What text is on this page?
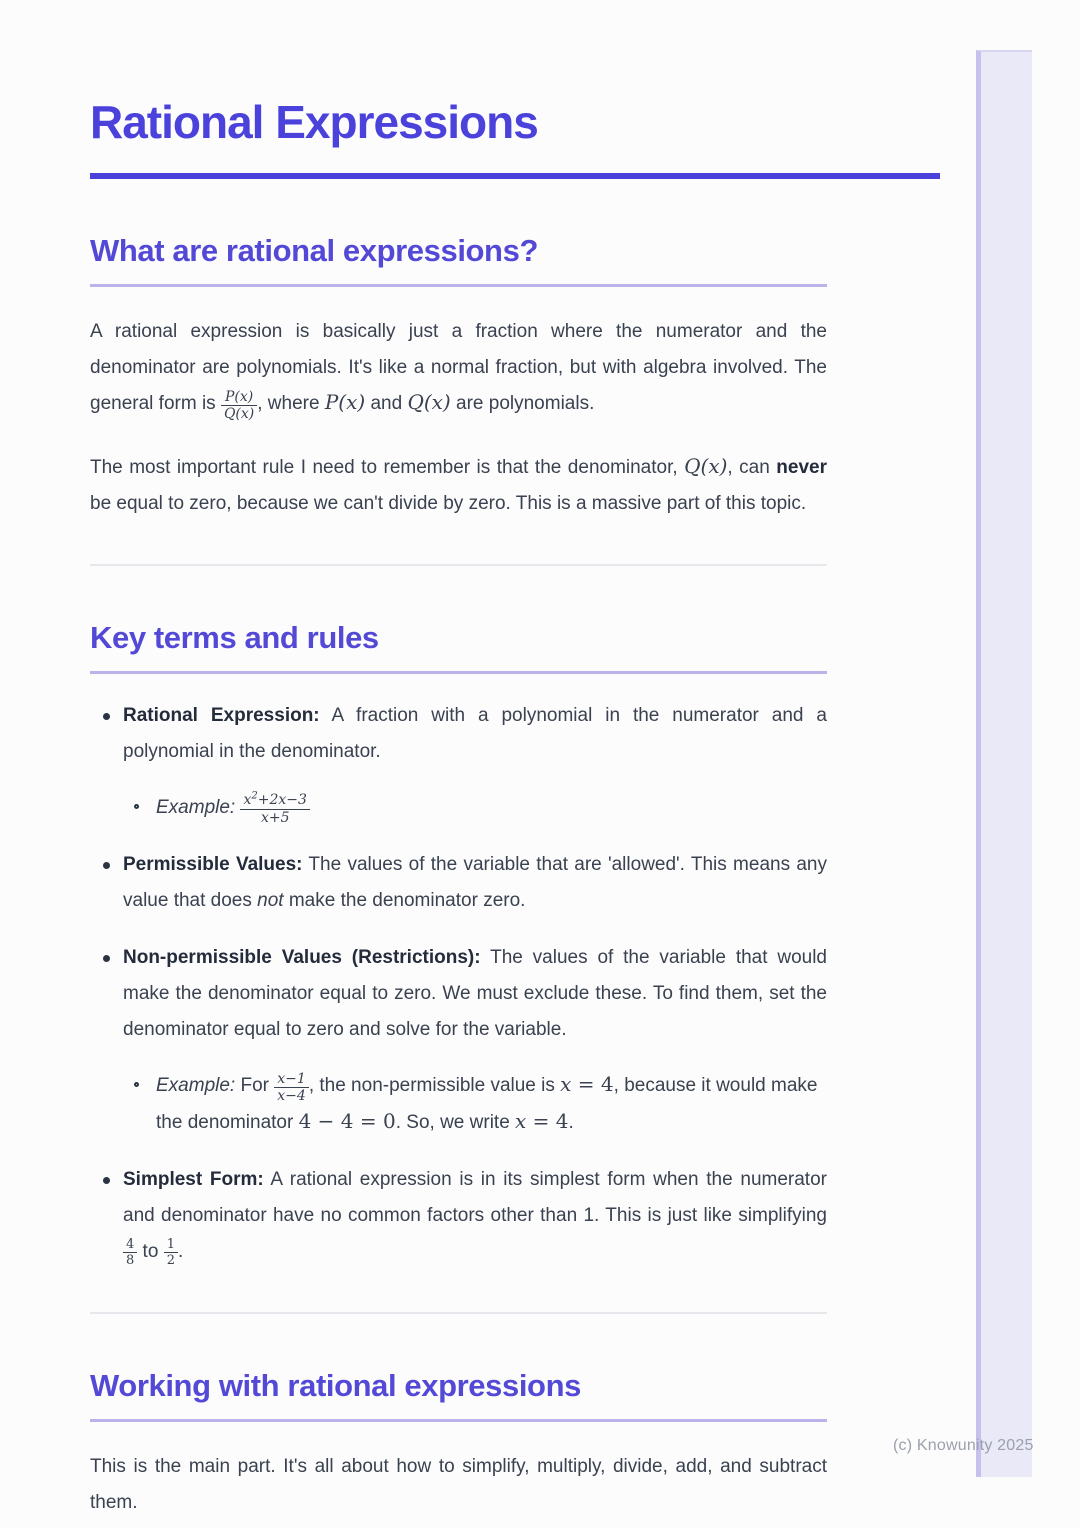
(c) Knowunity 2025
Rational Expressions
What are rational expressions?

A rational expression is basically just a fraction where the numerator and the denominator are polynomials. It's like a normal fraction, but with algebra involved. The general form is $\frac{P(x)}{Q(x)}$ , where P(x) and Q(x) are polynomials.

The most important rule I need to remember is that the denominator, Q(x), can never be equal to zero, because we can't divide by zero. This is a massive part of this topic.

Key terms and rules
Rational Expression: A fraction with a polynomial in the numerator and a polynomial in the denominator.
Example: $\frac{x^2+2x-3}{x+5}$
Permissible Values: The values of the variable that are 'allowed'. This means any value that does not make the denominator zero.
Non-permissible Values (Restrictions): The values of the variable that would make the denominator equal to zero. We must exclude these. To find them, set the denominator equal to zero and solve for the variable.
Example: For $\frac{x-1}{x-4}$ , the non-permissible value is x = 4, because it would make the denominator 4 − 4 = 0. So, we write x = 4.
Simplest Form: A rational expression is in its simplest form when the numerator and denominator have no common factors other than 1. This is just like simplifying
$\frac{4}{8}$ to $\frac{1}{2}$ .
Working with rational expressions

This is the main part. It's all about how to simplify, multiply, divide, add, and subtract them.
